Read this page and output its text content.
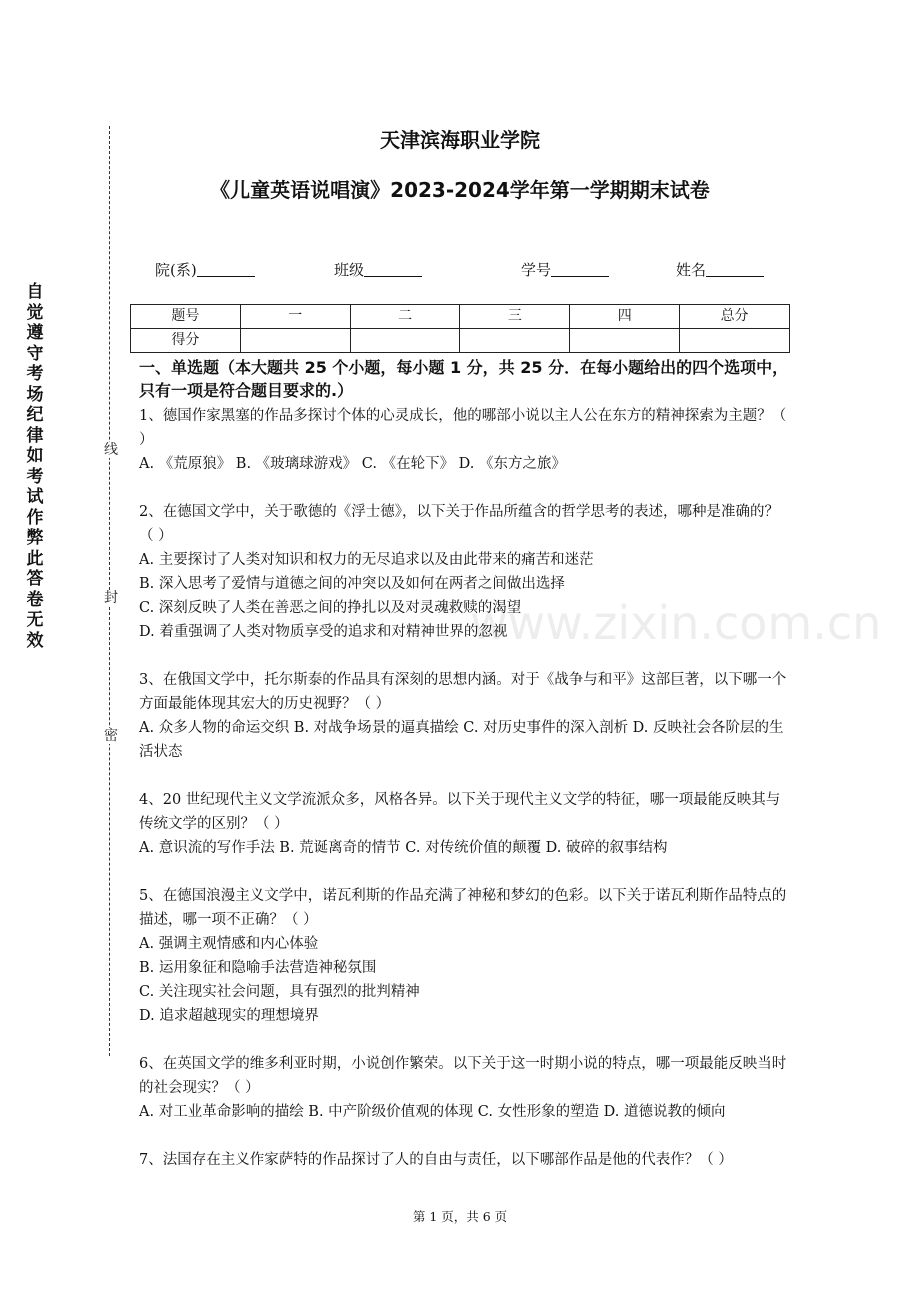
自觉遵守考场纪律如考试作弊此答卷无效
线
封
密
天津滨海职业学院
《儿童英语说唱演》2023-2024学年第一学期期末试卷
院(系)	班级	学号	姓名
题号	一	二	三	四	总分
得分					
一、单选题（本大题共 25 个小题，每小题 1 分，共 25 分．在每小题给出的四个选项中，只有一项是符合题目要求的.）

1、德国作家黑塞的作品多探讨个体的心灵成长，他的哪部小说以主人公在东方的精神探索为主题？（ ）

A. 《荒原狼》 B. 《玻璃球游戏》 C. 《在轮下》 D. 《东方之旅》

2、在德国文学中，关于歌德的《浮士德》，以下关于作品所蕴含的哲学思考的表述，哪种是准确的？（ ）

A. 主要探讨了人类对知识和权力的无尽追求以及由此带来的痛苦和迷茫

B. 深入思考了爱情与道德之间的冲突以及如何在两者之间做出选择

C. 深刻反映了人类在善恶之间的挣扎以及对灵魂救赎的渴望

D. 着重强调了人类对物质享受的追求和对精神世界的忽视

3、在俄国文学中，托尔斯泰的作品具有深刻的思想内涵。对于《战争与和平》这部巨著，以下哪一个方面最能体现其宏大的历史视野？（ ）

A. 众多人物的命运交织 B. 对战争场景的逼真描绘 C. 对历史事件的深入剖析 D. 反映社会各阶层的生活状态

4、20 世纪现代主义文学流派众多，风格各异。以下关于现代主义文学的特征，哪一项最能反映其与传统文学的区别？（ ）

A. 意识流的写作手法 B. 荒诞离奇的情节 C. 对传统价值的颠覆 D. 破碎的叙事结构

5、在德国浪漫主义文学中，诺瓦利斯的作品充满了神秘和梦幻的色彩。以下关于诺瓦利斯作品特点的描述，哪一项不正确？（ ）

A. 强调主观情感和内心体验

B. 运用象征和隐喻手法营造神秘氛围

C. 关注现实社会问题，具有强烈的批判精神

D. 追求超越现实的理想境界

6、在英国文学的维多利亚时期，小说创作繁荣。以下关于这一时期小说的特点，哪一项最能反映当时的社会现实？（ ）

A. 对工业革命影响的描绘 B. 中产阶级价值观的体现 C. 女性形象的塑造 D. 道德说教的倾向

7、法国存在主义作家萨特的作品探讨了人的自由与责任，以下哪部作品是他的代表作？（ ）

www.zixin.com.cn
第 1 页，共 6 页
